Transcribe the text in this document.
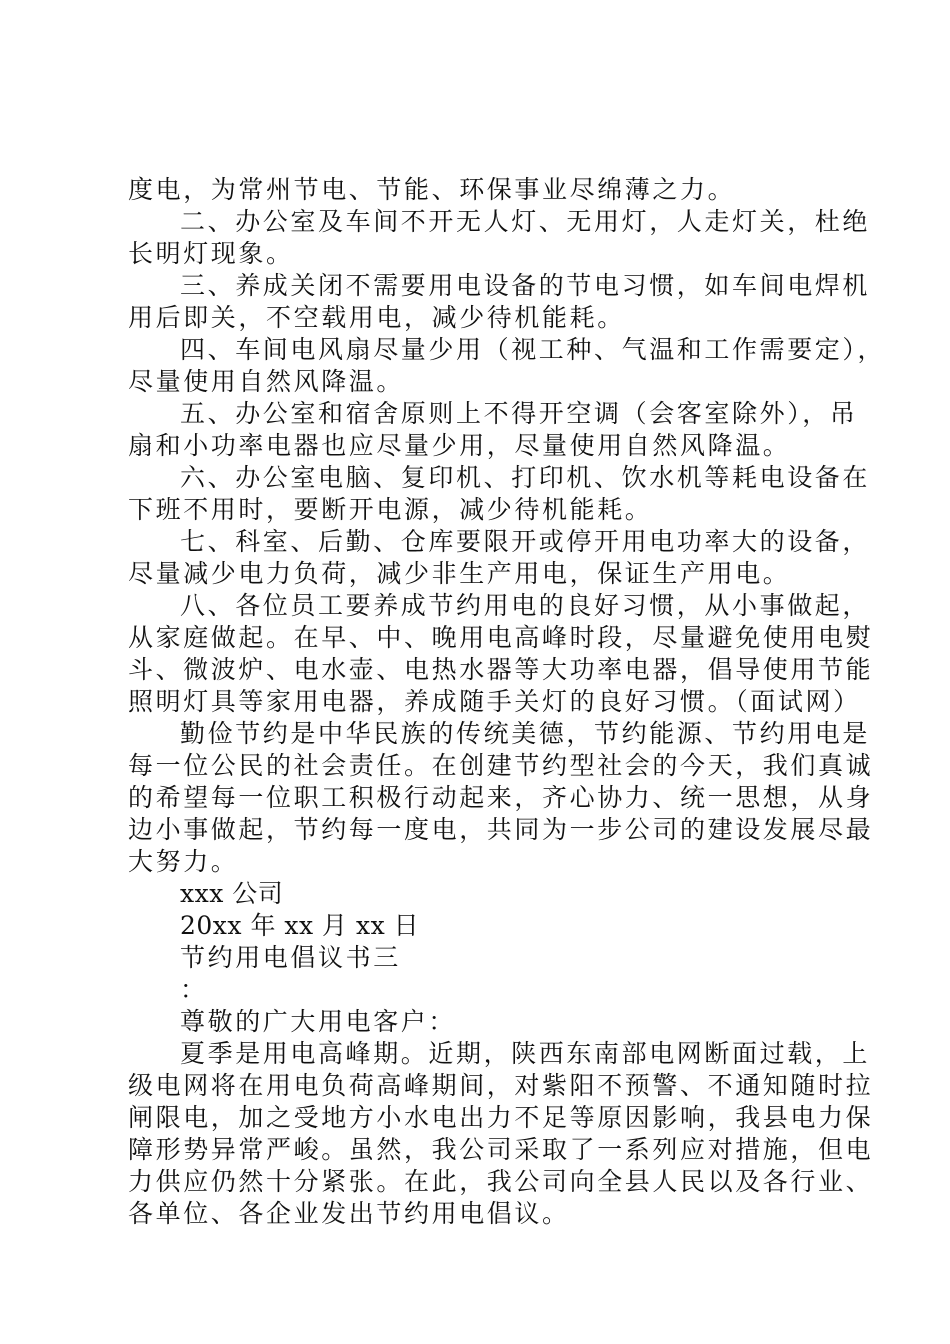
度电，为常州节电、节能、环保事业尽绵薄之力。
二、办公室及车间不开无人灯、无用灯，人走灯关，杜绝
长明灯现象。
三、养成关闭不需要用电设备的节电习惯，如车间电焊机
用后即关，不空载用电，减少待机能耗。
四、车间电风扇尽量少用（视工种、气温和工作需要定），
尽量使用自然风降温。
五、办公室和宿舍原则上不得开空调（会客室除外），吊
扇和小功率电器也应尽量少用，尽量使用自然风降温。
六、办公室电脑、复印机、打印机、饮水机等耗电设备在
下班不用时，要断开电源，减少待机能耗。
七、科室、后勤、仓库要限开或停开用电功率大的设备，
尽量减少电力负荷，减少非生产用电，保证生产用电。
八、各位员工要养成节约用电的良好习惯，从小事做起，
从家庭做起。在早、中、晚用电高峰时段，尽量避免使用电熨
斗、微波炉、电水壶、电热水器等大功率电器，倡导使用节能
照明灯具等家用电器，养成随手关灯的良好习惯。（面试网）
勤俭节约是中华民族的传统美德，节约能源、节约用电是
每一位公民的社会责任。在创建节约型社会的今天，我们真诚
的希望每一位职工积极行动起来，齐心协力、统一思想，从身
边小事做起，节约每一度电，共同为一步公司的建设发展尽最
大努力。
xxx 公司
20xx 年 xx 月 xx 日
节约用电倡议书三
：
尊敬的广大用电客户：
夏季是用电高峰期。近期，陕西东南部电网断面过载，上
级电网将在用电负荷高峰期间，对紫阳不预警、不通知随时拉
闸限电，加之受地方小水电出力不足等原因影响，我县电力保
障形势异常严峻。虽然，我公司采取了一系列应对措施，但电
力供应仍然十分紧张。在此，我公司向全县人民以及各行业、
各单位、各企业发出节约用电倡议。
